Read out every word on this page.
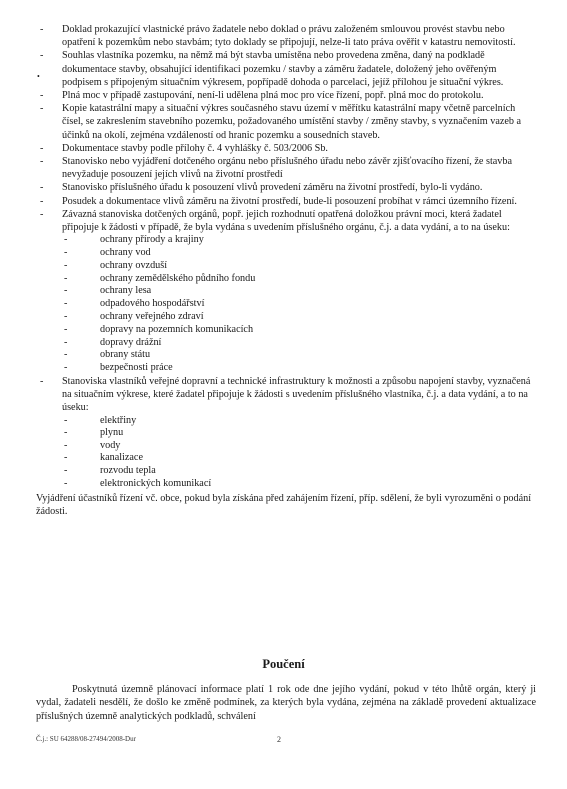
•
- Doklad prokazující vlastnické právo žadatele nebo doklad o právu založeném smlouvou provést stavbu nebo opatření k pozemkům nebo stavbám; tyto doklady se připojují, nelze-li tato práva ověřit v katastru nemovitostí.
- Souhlas vlastníka pozemku, na němž má být stavba umístěna nebo provedena změna, daný na podkladě dokumentace stavby, obsahující identifikaci pozemku / stavby a záměru žadatele, doložený jeho ověřeným podpisem s připojeným situačním výkresem, popřípadě dohoda o parcelaci, jejíž přílohou je situační výkres.
- Plná moc v případě zastupování, není-li udělena plná moc pro více řízení, popř. plná moc do protokolu.
- Kopie katastrální mapy a situační výkres současného stavu území v měřítku katastrální mapy včetně parcelních čísel, se zakreslením stavebního pozemku, požadovaného umístění stavby / změny stavby, s vyznačením vazeb a účinků na okolí, zejména vzdáleností od hranic pozemku a sousedních staveb.
- Dokumentace stavby podle přílohy č. 4 vyhlášky č. 503/2006 Sb.
- Stanovisko nebo vyjádření dotčeného orgánu nebo příslušného úřadu nebo závěr zjišťovacího řízení, že stavba nevyžaduje posouzení jejích vlivů na životní prostředí
- Stanovisko příslušného úřadu k posouzení vlivů provedení záměru na životní prostředí, bylo-li vydáno.
- Posudek a dokumentace vlivů záměru na životní prostředí, bude-li posouzení probíhat v rámci územního řízení.
- Závazná stanoviska dotčených orgánů, popř. jejich rozhodnutí opatřená doložkou právní moci, která žadatel připojuje k žádosti v případě, že byla vydána s uvedením příslušného orgánu, č.j. a data vydání, a to na úseku:
-	ochrany přírody a krajiny
-	ochrany vod
-	ochrany ovzduší
-	ochrany zemědělského půdního fondu
-	ochrany lesa
-	odpadového hospodářství
-	ochrany veřejného zdraví
-	dopravy na pozemních komunikacích
-	dopravy drážní
-	obrany státu
-	bezpečnosti práce
- Stanoviska vlastníků veřejné dopravní a technické infrastruktury k možnosti a způsobu napojení stavby, vyznačená na situačním výkrese, které žadatel připojuje k žádosti s uvedením příslušného vlastníka, č.j. a data vydání, a to na úseku:
-	elektřiny
-	plynu
-	vody
-	kanalizace
-	rozvodu tepla
-	elektronických komunikací
Vyjádření účastníků řízení vč. obce, pokud byla získána před zahájením řízení, příp. sdělení, že byli vyrozuměni o podání žádosti.
Poučení

Poskytnutá územně plánovací informace platí 1 rok ode dne jejího vydání, pokud v této lhůtě orgán, který ji vydal, žadateli nesdělí, že došlo ke změně podmínek, za kterých byla vydána, zejména na základě provedení aktualizace příslušných územně analytických podkladů, schválení

Č.j.: SU 64288/08-27494/2008-Dur	2
